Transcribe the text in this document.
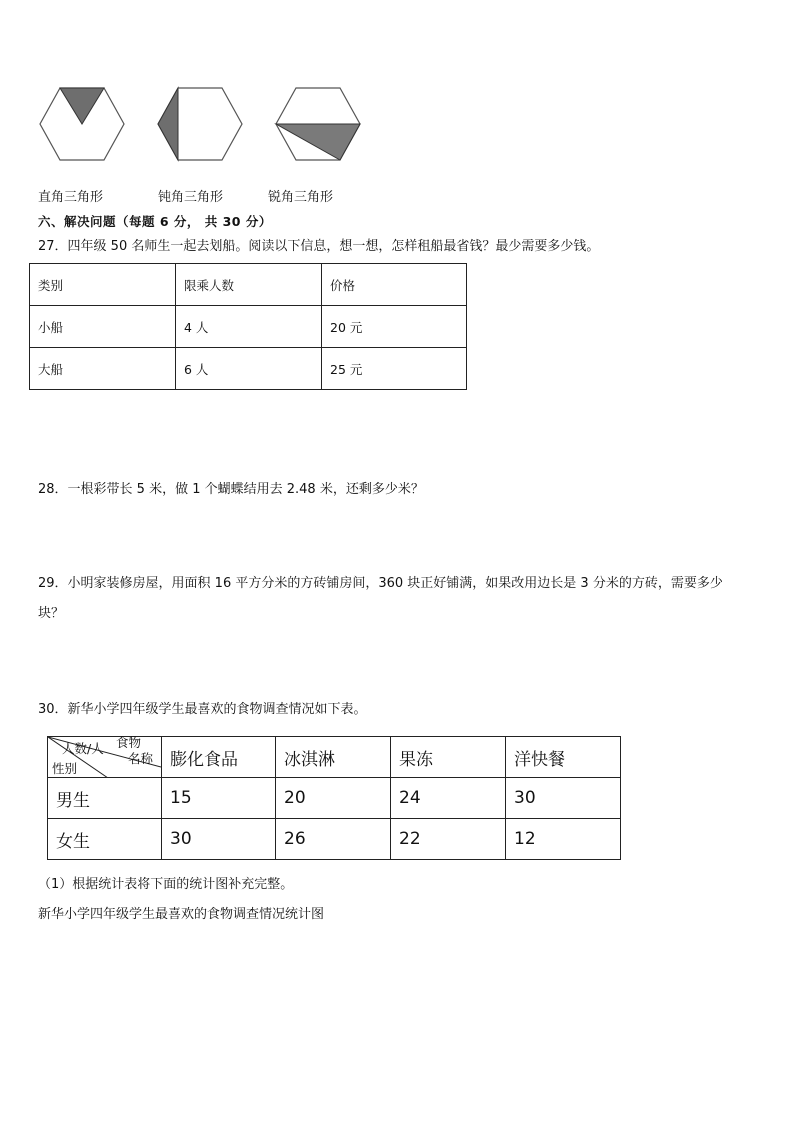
直角三角形	钝角三角形	锐角三角形
六、解决问题（每题 6 分， 共 30 分）
27．四年级 50 名师生一起去划船。阅读以下信息，想一想，怎样租船最省钱？最少需要多少钱。
类别	限乘人数	价格
小船	4 人	20 元
大船	6 人	25 元
28．一根彩带长 5 米，做 1 个蝴蝶结用去 2.48 米，还剩多少米？
29．小明家装修房屋，用面积 16 平方分米的方砖铺房间，360 块正好铺满，如果改用边长是 3 分米的方砖，需要多少
块？
30．新华小学四年级学生最喜欢的食物调查情况如下表。
食物
人数/人
名称
性别	膨化食品	冰淇淋	果冻	洋快餐
男生	15	20	24	30
女生	30	26	22	12
（1）根据统计表将下面的统计图补充完整。
新华小学四年级学生最喜欢的食物调查情况统计图
